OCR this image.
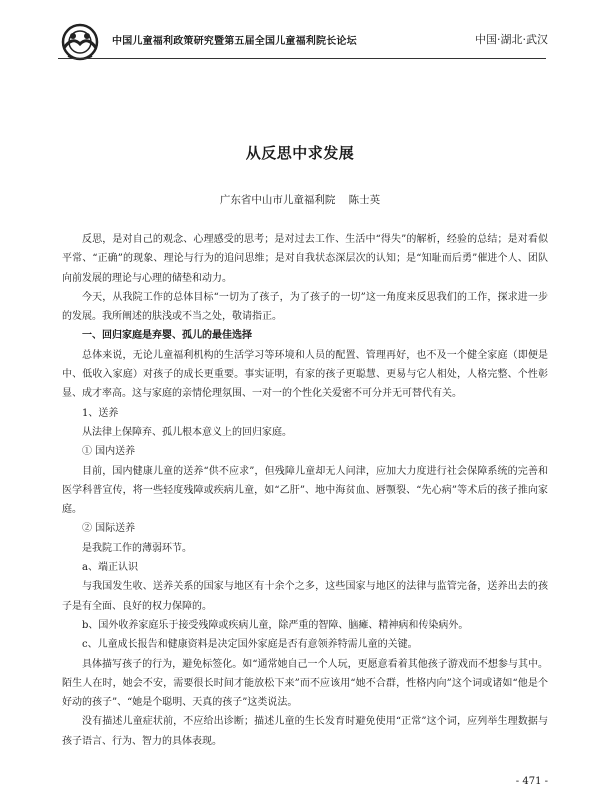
中国儿童福利政策研究暨第五届全国儿童福利院长论坛	中国·湖北·武汉
从反思中求发展
广东省中山市儿童福利院 陈士英

反思，是对自己的观念、心理感受的思考；是对过去工作、生活中“得失”的解析，经验的总结；是对看似平常、“正确”的现象、理论与行为的追问思维；是对自我状态深层次的认知；是“知耻而后勇”催进个人、团队向前发展的理论与心理的储垫和动力。

今天，从我院工作的总体目标“一切为了孩子，为了孩子的一切”这一角度来反思我们的工作，探求进一步的发展。我所阐述的肤浅或不当之处，敬请指正。

一、回归家庭是弃婴、孤儿的最佳选择

总体来说，无论儿童福利机构的生活学习等环境和人员的配置、管理再好，也不及一个健全家庭（即便是中、低收入家庭）对孩子的成长更重要。事实证明，有家的孩子更聪慧、更易与它人相处，人格完整、个性彰显、成才率高。这与家庭的亲情伦理氛围、一对一的个性化关爱密不可分并无可替代有关。

1、送养

从法律上保障弃、孤儿根本意义上的回归家庭。

① 国内送养

目前，国内健康儿童的送养“供不应求”，但残障儿童却无人问津，应加大力度进行社会保障系统的完善和医学科普宣传，将一些轻度残障或疾病儿童，如“乙肝”、地中海贫血、唇颚裂、“先心病”等术后的孩子推向家庭。

② 国际送养

是我院工作的薄弱环节。

a、端正认识

与我国发生收、送养关系的国家与地区有十余个之多，这些国家与地区的法律与监管完备，送养出去的孩子是有全面、良好的权力保障的。

b、国外收养家庭乐于接受残障或疾病儿童，除严重的智障、脑瘫、精神病和传染病外。

c、儿童成长报告和健康资料是决定国外家庭是否有意领养特需儿童的关键。

具体描写孩子的行为，避免标签化。如“通常她自己一个人玩，更愿意看着其他孩子游戏而不想参与其中。陌生人在时，她会不安，需要很长时间才能放松下来”而不应该用“她不合群，性格内向”这个词或诸如“他是个好动的孩子”、“她是个聪明、天真的孩子”这类说法。

没有描述儿童症状前，不应给出诊断；描述儿童的生长发育时避免使用“正常”这个词，应列举生理数据与孩子语言、行为、智力的具体表现。

- 471 -
